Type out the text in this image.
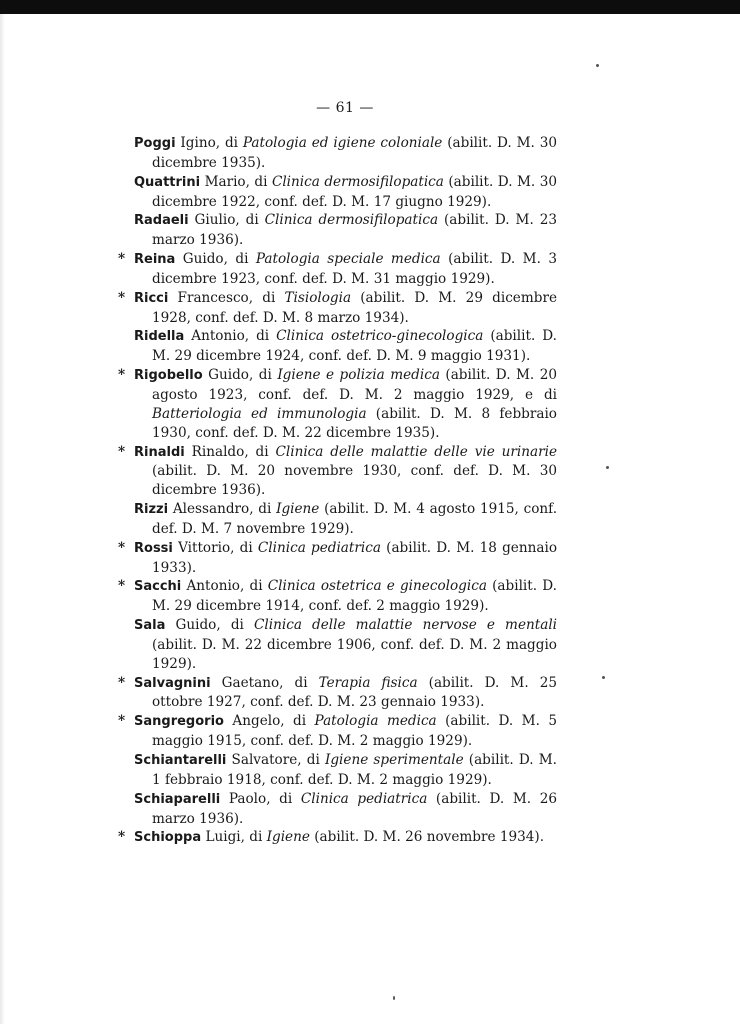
— 61 —
Poggi Igino, di Patologia ed igiene coloniale (abilit. D. M. 30 dicembre 1935).
Quattrini Mario, di Clinica dermosifilopatica (abilit. D. M. 30 dicembre 1922, conf. def. D. M. 17 giugno 1929).
Radaeli Giulio, di Clinica dermosifilopatica (abilit. D. M. 23 marzo 1936).
* Reina Guido, di Patologia speciale medica (abilit. D. M. 3 dicembre 1923, conf. def. D. M. 31 maggio 1929).
* Ricci Francesco, di Tisiologia (abilit. D. M. 29 dicembre 1928, conf. def. D. M. 8 marzo 1934).
Ridella Antonio, di Clinica ostetrico-ginecologica (abilit. D. M. 29 dicembre 1924, conf. def. D. M. 9 maggio 1931).
* Rigobello Guido, di Igiene e polizia medica (abilit. D. M. 20 agosto 1923, conf. def. D. M. 2 maggio 1929, e di Batteriologia ed immunologia (abilit. D. M. 8 febbraio 1930, conf. def. D. M. 22 dicembre 1935).
* Rinaldi Rinaldo, di Clinica delle malattie delle vie urinarie (abilit. D. M. 20 novembre 1930, conf. def. D. M. 30 dicembre 1936).
Rizzi Alessandro, di Igiene (abilit. D. M. 4 agosto 1915, conf. def. D. M. 7 novembre 1929).
* Rossi Vittorio, di Clinica pediatrica (abilit. D. M. 18 gennaio 1933).
* Sacchi Antonio, di Clinica ostetrica e ginecologica (abilit. D. M. 29 dicembre 1914, conf. def. 2 maggio 1929).
Sala Guido, di Clinica delle malattie nervose e mentali (abilit. D. M. 22 dicembre 1906, conf. def. D. M. 2 maggio 1929).
* Salvagnini Gaetano, di Terapia fisica (abilit. D. M. 25 ottobre 1927, conf. def. D. M. 23 gennaio 1933).
* Sangregorio Angelo, di Patologia medica (abilit. D. M. 5 maggio 1915, conf. def. D. M. 2 maggio 1929).
Schiantarelli Salvatore, di Igiene sperimentale (abilit. D. M. 1 febbraio 1918, conf. def. D. M. 2 maggio 1929).
Schiaparelli Paolo, di Clinica pediatrica (abilit. D. M. 26 marzo 1936).
* Schioppa Luigi, di Igiene (abilit. D. M. 26 novembre 1934).
